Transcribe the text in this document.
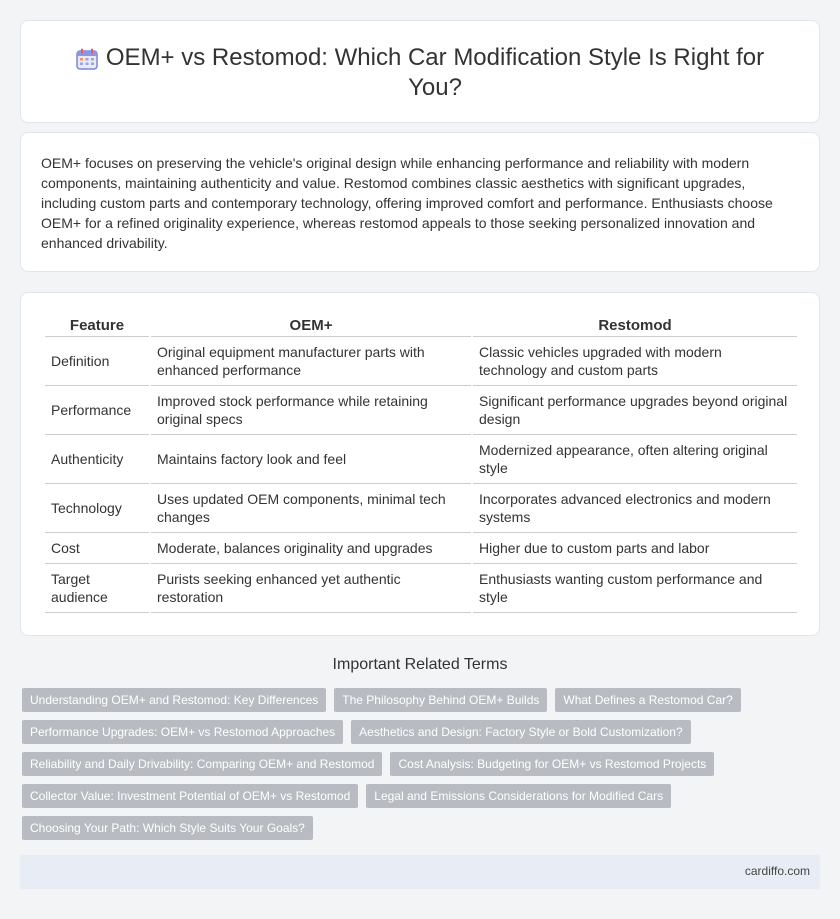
OEM+ vs Restomod: Which Car Modification Style Is Right for You?

OEM+ focuses on preserving the vehicle's original design while enhancing performance and reliability with modern components, maintaining authenticity and value. Restomod combines classic aesthetics with significant upgrades, including custom parts and contemporary technology, offering improved comfort and performance. Enthusiasts choose OEM+ for a refined originality experience, whereas restomod appeals to those seeking personalized innovation and enhanced drivability.

Feature	OEM+	Restomod
Definition	Original equipment manufacturer parts with enhanced performance	Classic vehicles upgraded with modern technology and custom parts
Performance	Improved stock performance while retaining original specs	Significant performance upgrades beyond original design
Authenticity	Maintains factory look and feel	Modernized appearance, often altering original style
Technology	Uses updated OEM components, minimal tech changes	Incorporates advanced electronics and modern systems
Cost	Moderate, balances originality and upgrades	Higher due to custom parts and labor
Target audience	Purists seeking enhanced yet authentic restoration	Enthusiasts wanting custom performance and style
Important Related Terms
Understanding OEM+ and Restomod: Key Differences	The Philosophy Behind OEM+ Builds	What Defines a Restomod Car?
Performance Upgrades: OEM+ vs Restomod Approaches	Aesthetics and Design: Factory Style or Bold Customization?
Reliability and Daily Drivability: Comparing OEM+ and Restomod	Cost Analysis: Budgeting for OEM+ vs Restomod Projects
Collector Value: Investment Potential of OEM+ vs Restomod	Legal and Emissions Considerations for Modified Cars
Choosing Your Path: Which Style Suits Your Goals?
cardiffo.com
